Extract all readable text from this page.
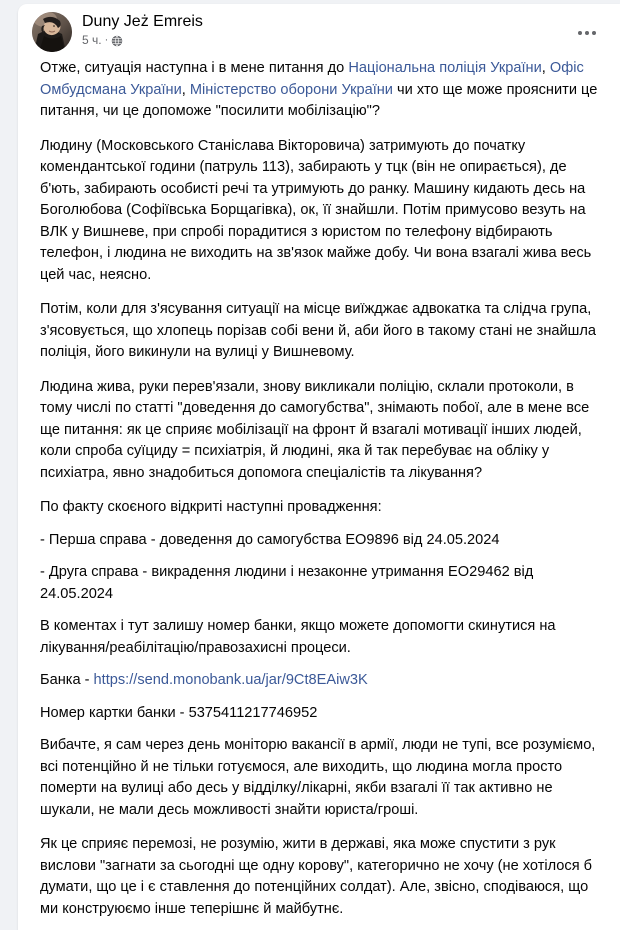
Duny Jeż Emreis
5 ч. ·

Отже, ситуація наступна і в мене питання до Національна поліція України, Офіс Омбудсмана України, Міністерство оборони України чи хто ще може прояснити це питання, чи це допоможе "посилити мобілізацію"?

Людину (Московського Станіслава Вікторовича) затримують до початку комендантської години (патруль 113), забирають у тцк (він не опирається), де б'ють, забирають особисті речі та утримують до ранку. Машину кидають десь на Боголюбова (Софіївська Борщагівка), ок, її знайшли. Потім примусово везуть на ВЛК у Вишневе, при спробі порадитися з юристом по телефону відбирають телефон, і людина не виходить на зв'язок майже добу. Чи вона взагалі жива весь цей час, неясно.

Потім, коли для з'ясування ситуації на місце виїжджає адвокатка та слідча група, з'ясовується, що хлопець порізав собі вени й, аби його в такому стані не знайшла поліція, його викинули на вулиці у Вишневому.

Людина жива, руки перев'язали, знову викликали поліцію, склали протоколи, в тому числі по статті "доведення до самогубства", знімають побої, але в мене все ще питання: як це сприяє мобілізації на фронт й взагалі мотивації інших людей, коли спроба суїциду = психіатрія, й людині, яка й так перебуває на обліку у психіатра, явно знадобиться допомога спеціалістів та лікування?

По факту скоєного відкриті наступні провадження:

- Перша справа - доведення до самогубства ЕО9896 від 24.05.2024

- Друга справа - викрадення людини і незаконне утримання ЕО29462 від 24.05.2024

В коментах і тут залишу номер банки, якщо можете допомогти скинутися на лікування/реабілітацію/правозахисні процеси.

Банка - https://send.monobank.ua/jar/9Ct8EAiw3K

Номер картки банки - 5375411217746952

Вибачте, я сам через день моніторю вакансії в армії, люди не тупі, все розуміємо, всі потенційно й не тільки готуємося, але виходить, що людина могла просто померти на вулиці або десь у відділку/лікарні, якби взагалі її так активно не шукали, не мали десь можливості знайти юриста/гроші.

Як це сприяє перемозі, не розумію, жити в державі, яка може спустити з рук вислови "загнати за сьогодні ще одну корову", категорично не хочу (не хотілося б думати, що це і є ставлення до потенційних солдат). Але, звісно, сподіваюся, що ми конструюємо інше теперішнє й майбутнє.
